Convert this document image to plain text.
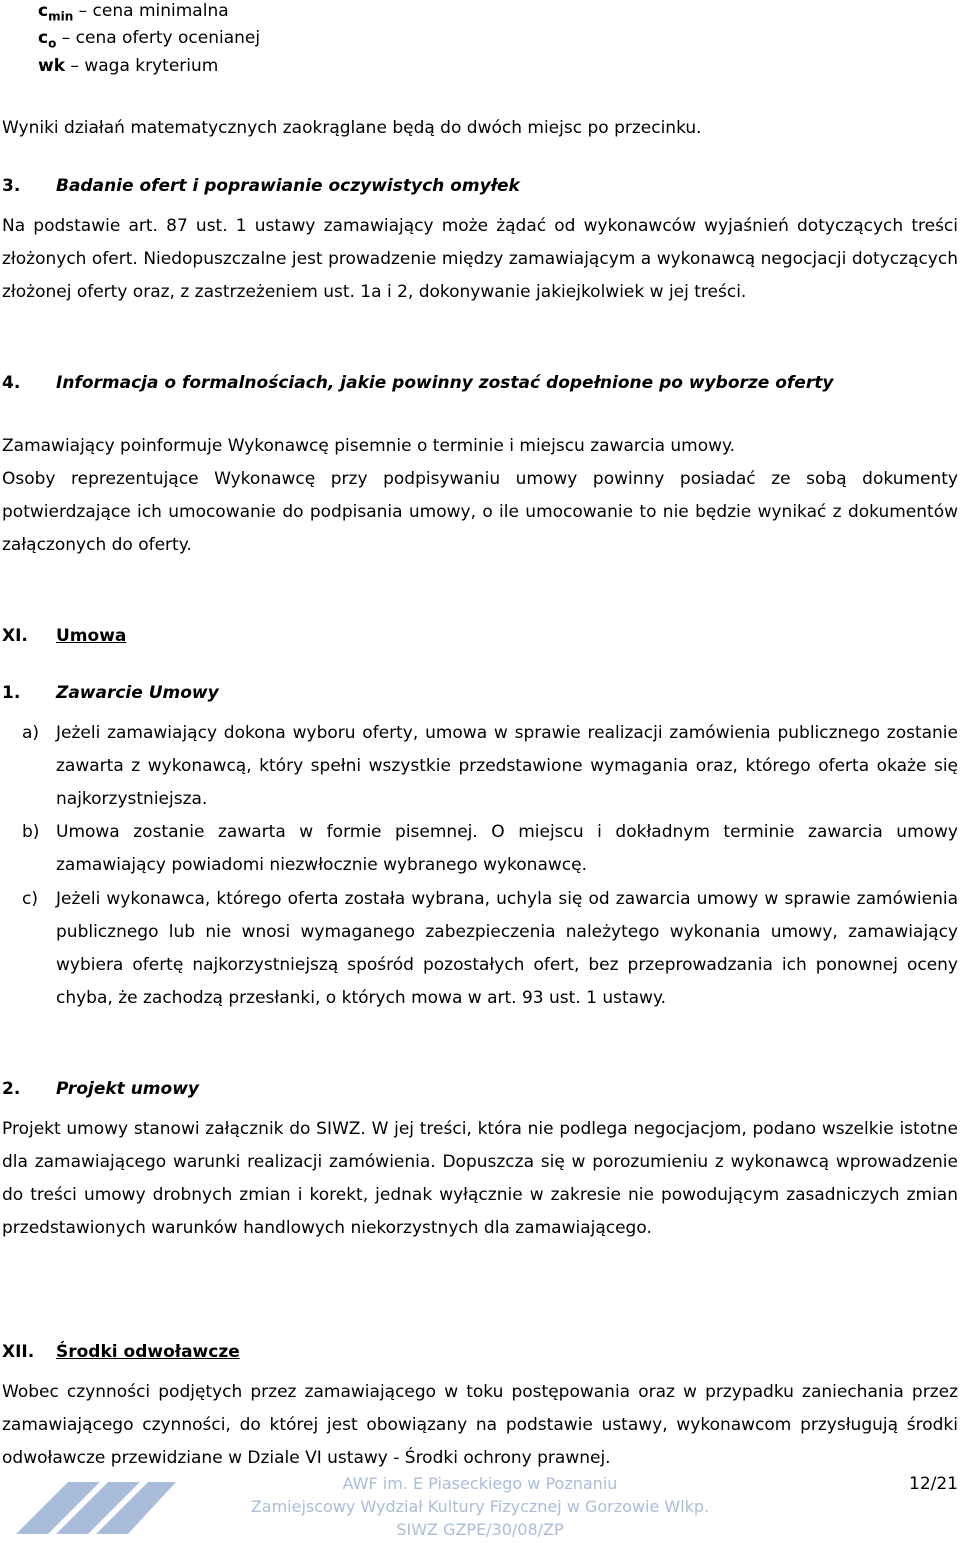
$c_{min}$ – cena minimalna
$c_o$ – cena oferty ocenianej
wk – waga kryterium
Wyniki działań matematycznych zaokrąglane będą do dwóch miejsc po przecinku.
3. Badanie ofert i poprawianie oczywistych omyłek
Na podstawie art. 87 ust. 1 ustawy zamawiający może żądać od wykonawców wyjaśnień dotyczących treści złożonych ofert. Niedopuszczalne jest prowadzenie między zamawiającym a wykonawcą negocjacji dotyczących złożonej oferty oraz, z zastrzeżeniem ust. 1a i 2, dokonywanie jakiejkolwiek w jej treści.
4. Informacja o formalnościach, jakie powinny zostać dopełnione po wyborze oferty
Zamawiający poinformuje Wykonawcę pisemnie o terminie i miejscu zawarcia umowy.
Osoby reprezentujące Wykonawcę przy podpisywaniu umowy powinny posiadać ze sobą dokumenty potwierdzające ich umocowanie do podpisania umowy, o ile umocowanie to nie będzie wynikać z dokumentów załączonych do oferty.
XI. Umowa
1. Zawarcie Umowy
a) Jeżeli zamawiający dokona wyboru oferty, umowa w sprawie realizacji zamówienia publicznego zostanie zawarta z wykonawcą, który spełni wszystkie przedstawione wymagania oraz, którego oferta okaże się najkorzystniejsza.
b) Umowa zostanie zawarta w formie pisemnej. O miejscu i dokładnym terminie zawarcia umowy zamawiający powiadomi niezwłocznie wybranego wykonawcę.
c) Jeżeli wykonawca, którego oferta została wybrana, uchyla się od zawarcia umowy w sprawie zamówienia publicznego lub nie wnosi wymaganego zabezpieczenia należytego wykonania umowy, zamawiający wybiera ofertę najkorzystniejszą spośród pozostałych ofert, bez przeprowadzania ich ponownej oceny chyba, że zachodzą przesłanki, o których mowa w art. 93 ust. 1 ustawy.
2. Projekt umowy
Projekt umowy stanowi załącznik do SIWZ. W jej treści, która nie podlega negocjacjom, podano wszelkie istotne dla zamawiającego warunki realizacji zamówienia. Dopuszcza się w porozumieniu z wykonawcą wprowadzenie do treści umowy drobnych zmian i korekt, jednak wyłącznie w zakresie nie powodującym zasadniczych zmian przedstawionych warunków handlowych niekorzystnych dla zamawiającego.
XII. Środki odwoławcze
Wobec czynności podjętych przez zamawiającego w toku postępowania oraz w przypadku zaniechania przez zamawiającego czynności, do której jest obowiązany na podstawie ustawy, wykonawcom przysługują środki odwoławcze przewidziane w Dziale VI ustawy - Środki ochrony prawnej.
AWF im. E Piaseckiego w Poznaniu
Zamiejscowy Wydział Kultury Fizycznej w Gorzowie Wlkp.
SIWZ GZPE/30/08/ZP
12/21
